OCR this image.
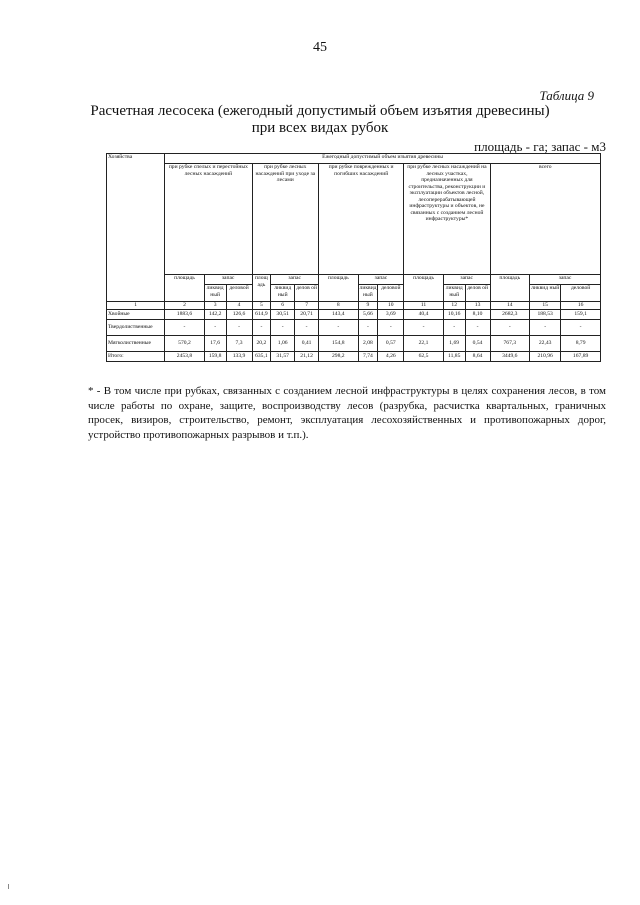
45
Таблица 9
Расчетная лесосека (ежегодный допустимый объем изъятия древесины)
при всех видах рубок
площадь - га; запас - м3
Хозяйства	Ежегодный допустимый объем изъятия древесины														
	при рубке спелых и перестойных лесных насаждений			при рубке лесных насаждений при уходе за лесами			при рубке поврежденных и погибших насаждений			при рубке лесных насаждений на лесных участках, предназначенных для строительства, реконструкции и эксплуатации объектов лесной, лесоперерабатывающей инфраструктуры и объектов, не связанных с созданием лесной инфраструктуры*			всего		
	площадь	запас		площ адь	запас		площадь	запас		площадь	запас		площадь	запас	
		ликвид ный	деловой		ликвид ный	делов ой		ликвид ный	деловой		ликвид ный	делов ой		ликвид ный	деловой
1	2	3	4	5	6	7	8	9	10	11	12	13	14	15	16
Хвойные	1883,6	142,2	126,6	614,9	30,51	20,71	143,4	5,66	3,69	40,4	10,16	8,10	2682,3	188,53	159,1
Твердолиственные	-	-	-	-	-	-	-	-	-	-	-	-	-	-	-
Мягколиственные	570,2	17,6	7,3	20,2	1,06	0,41	154,8	2,08	0,57	22,1	1,69	0,54	767,3	22,43	8,79
Итого:	2453,8	159,8	133,9	635,1	31,57	21,12	298,2	7,74	4,26	62,5	11,85	8,64	3449,6	210,96	167,89
* - В том числе при рубках, связанных с созданием лесной инфраструктуры в целях сохранения лесов, в том числе работы по охране, защите, воспроизводству лесов (разрубка, расчистка квартальных, граничных просек, визиров, строительство, ремонт, эксплуатация лесохозяйственных и противопожарных дорог, устройство противопожарных разрывов и т.п.).
